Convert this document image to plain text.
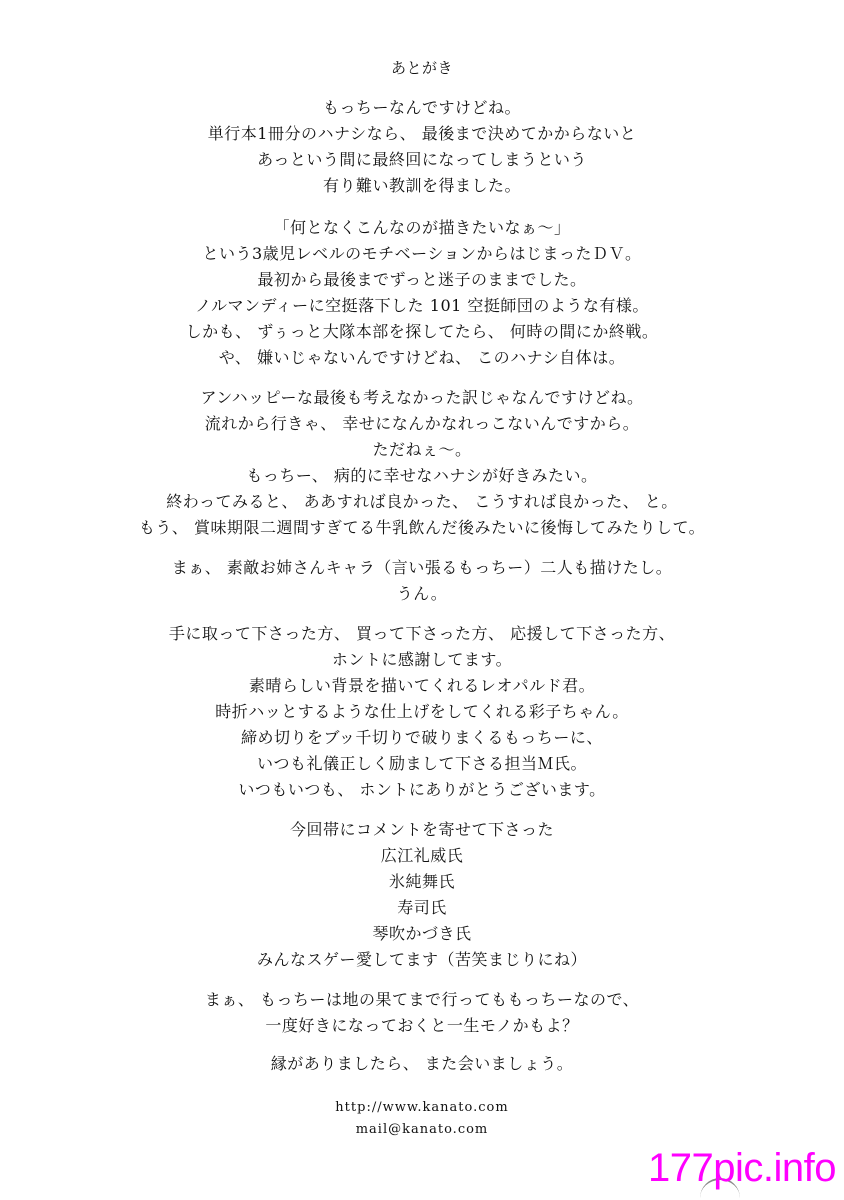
あとがき
もっちーなんですけどね。
単行本1冊分のハナシなら、 最後まで決めてかからないと
あっという間に最終回になってしまうという
有り難い教訓を得ました。
「何となくこんなのが描きたいなぁ～」
という3歳児レベルのモチベーションからはじまったＤＶ。
最初から最後までずっと迷子のままでした。
ノルマンディーに空挺落下した 101 空挺師団のような有様。
しかも、 ずぅっと大隊本部を探してたら、 何時の間にか終戦。
や、 嫌いじゃないんですけどね、 このハナシ自体は。
アンハッピーな最後も考えなかった訳じゃなんですけどね。
流れから行きゃ、 幸せになんかなれっこないんですから。
ただねぇ～。
もっちー、 病的に幸せなハナシが好きみたい。
終わってみると、 ああすれば良かった、 こうすれば良かった、 と。
もう、 賞味期限二週間すぎてる牛乳飲んだ後みたいに後悔してみたりして。
まぁ、 素敵お姉さんキャラ（言い張るもっちー）二人も描けたし。
うん。
手に取って下さった方、 買って下さった方、 応援して下さった方、
ホントに感謝してます。
素晴らしい背景を描いてくれるレオパルド君。
時折ハッとするような仕上げをしてくれる彩子ちゃん。
締め切りをブッ千切りで破りまくるもっちーに、
いつも礼儀正しく励まして下さる担当Ｍ氏。
いつもいつも、 ホントにありがとうございます。
今回帯にコメントを寄せて下さった
広江礼威氏
氷純舞氏
寿司氏
琴吹かづき氏
みんなスゲー愛してます（苦笑まじりにね）
まぁ、 もっちーは地の果てまで行ってももっちーなので、
一度好きになっておくと一生モノかもよ？
縁がありましたら、 また会いましょう。
http://www.kanato.com
mail@kanato.com
177pic.info
